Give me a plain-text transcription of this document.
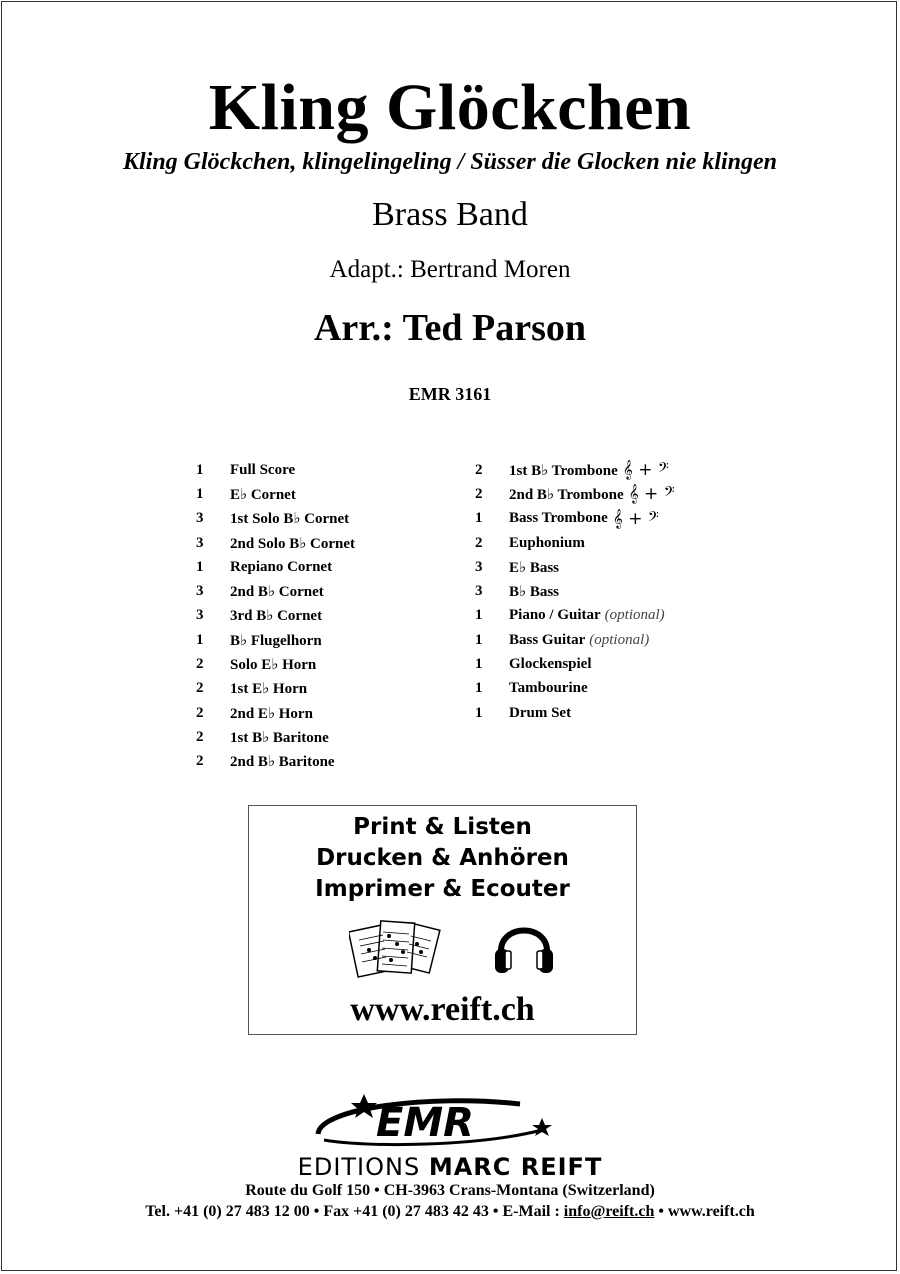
Kling Glöckchen
Kling Glöckchen, klingelingeling / Süsser die Glocken nie klingen
Brass Band
Adapt.: Bertrand Moren
Arr.: Ted Parson
EMR 3161
1	Full Score
1	E♭ Cornet
3	1st Solo B♭ Cornet
3	2nd Solo B♭ Cornet
1	Repiano Cornet
3	2nd B♭ Cornet
3	3rd B♭ Cornet
1	B♭ Flugelhorn
2	Solo E♭ Horn
2	1st E♭ Horn
2	2nd E♭ Horn
2	1st B♭ Baritone
2	2nd B♭ Baritone
2	1st B♭ Trombone 𝄞 + 𝄢
2	2nd B♭ Trombone 𝄞 + 𝄢
1	Bass Trombone 𝄞 + 𝄢
2	Euphonium
3	E♭ Bass
3	B♭ Bass
1	Piano / Guitar (optional)
1	Bass Guitar (optional)
1	Glockenspiel
1	Tambourine
1	Drum Set
Print & Listen
Drucken & Anhören
Imprimer & Ecouter
www.reift.ch
EMR
EDITIONS MARC REIFT
Route du Golf 150 • CH-3963 Crans-Montana (Switzerland)
Tel. +41 (0) 27 483 12 00 • Fax +41 (0) 27 483 42 43 • E-Mail : info@reift.ch • www.reift.ch
